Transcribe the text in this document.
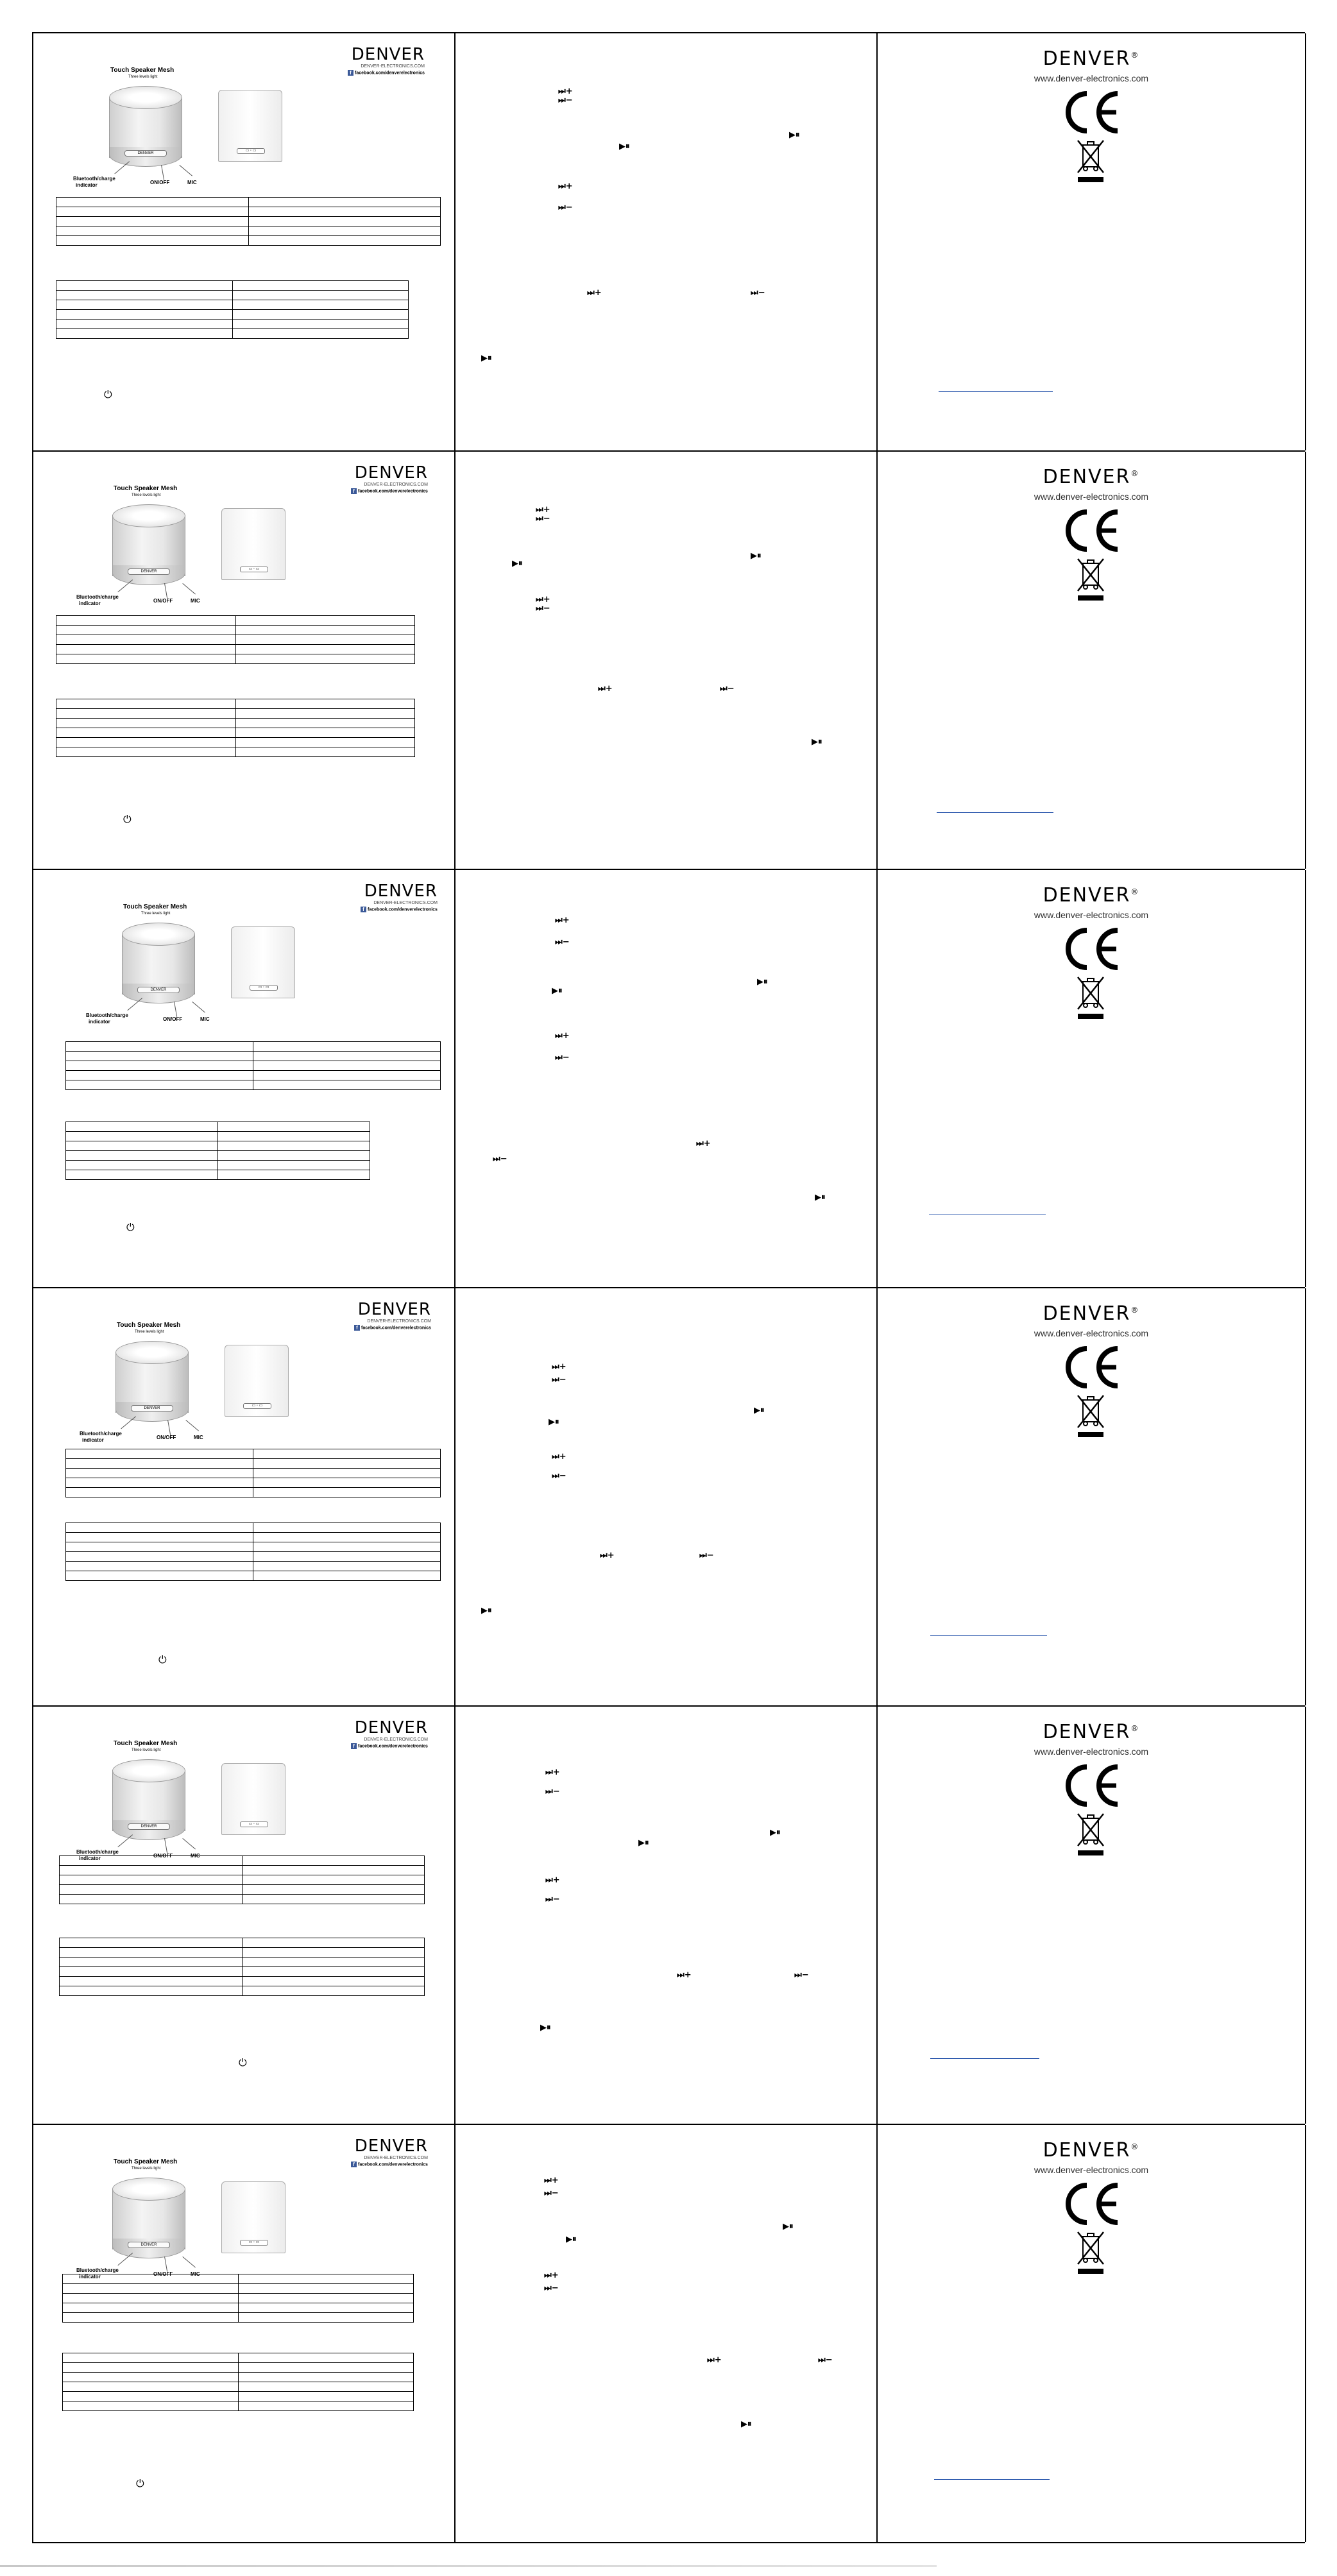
DENVER
DENVER-ELECTRONICS.COM
f facebook.com/denverelectronics
Touch Speaker Mesh
Three levels light
DENVER
▭ ◦ ▭
Bluetooth/charge
indicator	ON/OFF	MIC

⏻
⏭+
⏭−
▶⏸
▶⏸
⏭+
⏭−
⏭+	⏭−
▶⏸
DENVER®
www.denver-electronics.com
DENVER
DENVER-ELECTRONICS.COM
f facebook.com/denverelectronics
Touch Speaker Mesh
Three levels light
DENVER
▭ ◦ ▭
Bluetooth/charge
indicator	ON/OFF	MIC

⏻
⏭+
⏭−
▶⏸
▶⏸
⏭+
⏭−
⏭+	⏭−
▶⏸
DENVER®
www.denver-electronics.com
DENVER
DENVER-ELECTRONICS.COM
f facebook.com/denverelectronics
Touch Speaker Mesh
Three levels light
DENVER
▭ ◦ ▭
Bluetooth/charge
indicator	ON/OFF	MIC

⏻
⏭+
⏭−
▶⏸
▶⏸
⏭+
⏭−
⏭+
⏭−
▶⏸
DENVER®
www.denver-electronics.com
DENVER
DENVER-ELECTRONICS.COM
f facebook.com/denverelectronics
Touch Speaker Mesh
Three levels light
DENVER
▭ ◦ ▭
Bluetooth/charge
indicator	ON/OFF	MIC

⏻
⏭+
⏭−
▶⏸
▶⏸
⏭+
⏭−
⏭+	⏭−
▶⏸
DENVER®
www.denver-electronics.com
DENVER
DENVER-ELECTRONICS.COM
f facebook.com/denverelectronics
Touch Speaker Mesh
Three levels light
DENVER
▭ ◦ ▭
Bluetooth/charge
indicator	ON/OFF	MIC

⏻
⏭+
⏭−
▶⏸
▶⏸
⏭+
⏭−
⏭+	⏭−
▶⏸
DENVER®
www.denver-electronics.com
DENVER
DENVER-ELECTRONICS.COM
f facebook.com/denverelectronics
Touch Speaker Mesh
Three levels light
DENVER
▭ ◦ ▭
Bluetooth/charge
indicator	ON/OFF	MIC

⏻
⏭+
⏭−
▶⏸
▶⏸
⏭+
⏭−
⏭+	⏭−
▶⏸
DENVER®
www.denver-electronics.com
